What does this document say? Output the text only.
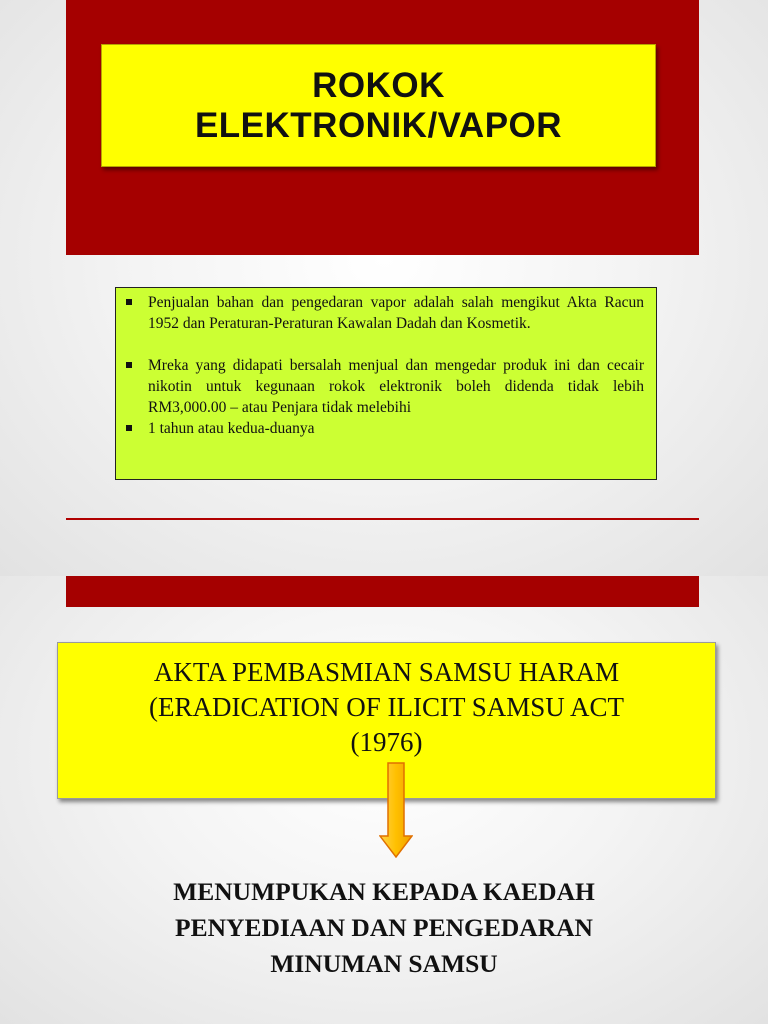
ROKOK
ELEKTRONIK/VAPOR
Penjualan bahan dan pengedaran vapor adalah salah mengikut Akta Racun 1952 dan Peraturan-Peraturan Kawalan Dadah dan Kosmetik.
Mreka yang didapati bersalah menjual dan mengedar produk ini dan cecair nikotin untuk kegunaan rokok elektronik boleh didenda tidak lebih RM3,000.00 – atau Penjara tidak melebihi
1 tahun atau kedua-duanya
AKTA PEMBASMIAN SAMSU HARAM
(ERADICATION OF ILICIT SAMSU ACT
(1976)
MENUMPUKAN KEPADA KAEDAH
PENYEDIAAN DAN PENGEDARAN
MINUMAN SAMSU
